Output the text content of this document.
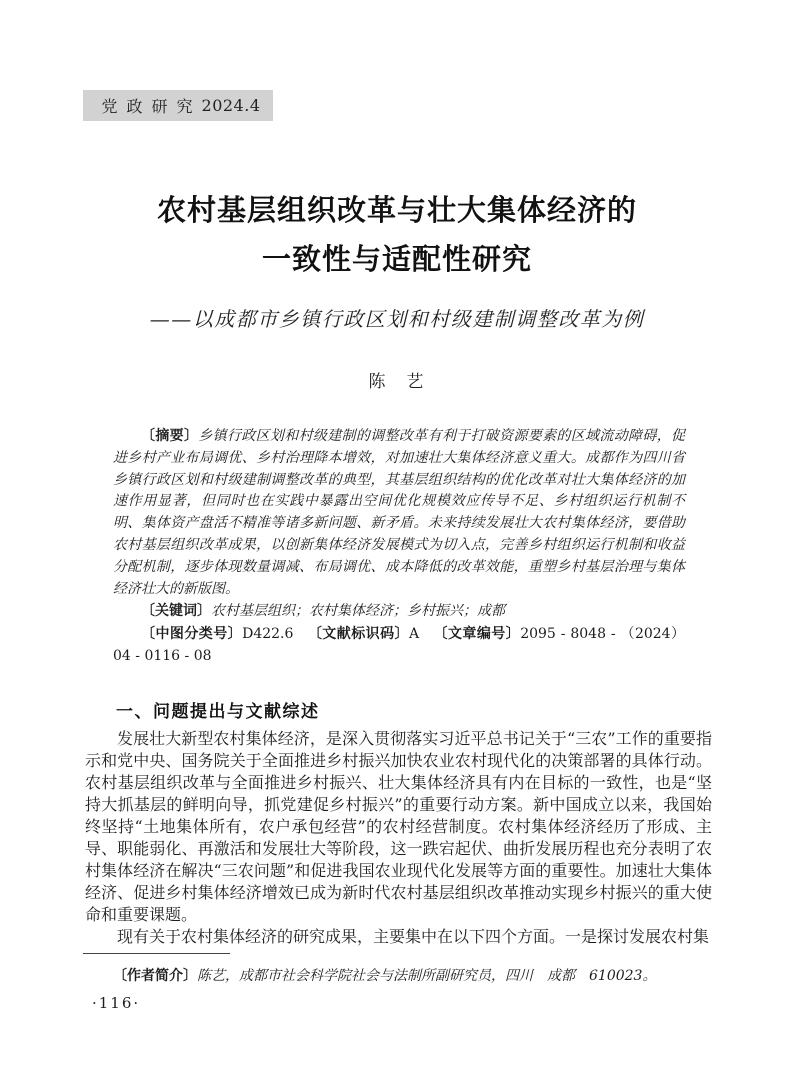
党政研究 2024.4
农村基层组织改革与壮大集体经济的
一致性与适配性研究
——以成都市乡镇行政区划和村级建制调整改革为例
陈　艺

〔摘要〕乡镇行政区划和村级建制的调整改革有利于打破资源要素的区域流动障碍，促进乡村产业布局调优、乡村治理降本增效，对加速壮大集体经济意义重大。成都作为四川省乡镇行政区划和村级建制调整改革的典型，其基层组织结构的优化改革对壮大集体经济的加速作用显著，但同时也在实践中暴露出空间优化规模效应传导不足、乡村组织运行机制不明、集体资产盘活不精准等诸多新问题、新矛盾。未来持续发展壮大农村集体经济，要借助农村基层组织改革成果，以创新集体经济发展模式为切入点，完善乡村组织运行机制和收益分配机制，逐步体现数量调减、布局调优、成本降低的改革效能，重塑乡村基层治理与集体经济壮大的新版图。

〔关键词〕农村基层组织；农村集体经济；乡村振兴；成都

〔中图分类号〕D422.6 〔文献标识码〕A 〔文章编号〕2095 - 8048 - （2024） 04 - 0116 - 08

一、问题提出与文献综述

发展壮大新型农村集体经济，是深入贯彻落实习近平总书记关于“三农”工作的重要指示和党中央、国务院关于全面推进乡村振兴加快农业农村现代化的决策部署的具体行动。农村基层组织改革与全面推进乡村振兴、壮大集体经济具有内在目标的一致性，也是“坚持大抓基层的鲜明向导，抓党建促乡村振兴”的重要行动方案。新中国成立以来，我国始终坚持“土地集体所有，农户承包经营”的农村经营制度。农村集体经济经历了形成、主导、职能弱化、再激活和发展壮大等阶段，这一跌宕起伏、曲折发展历程也充分表明了农村集体经济在解决“三农问题”和促进我国农业现代化发展等方面的重要性。加速壮大集体经济、促进乡村集体经济增效已成为新时代农村基层组织改革推动实现乡村振兴的重大使命和重要课题。

现有关于农村集体经济的研究成果，主要集中在以下四个方面。一是探讨发展农村集

〔作者简介〕陈艺，成都市社会科学院社会与法制所副研究员，四川　成都　610023。

·116·
